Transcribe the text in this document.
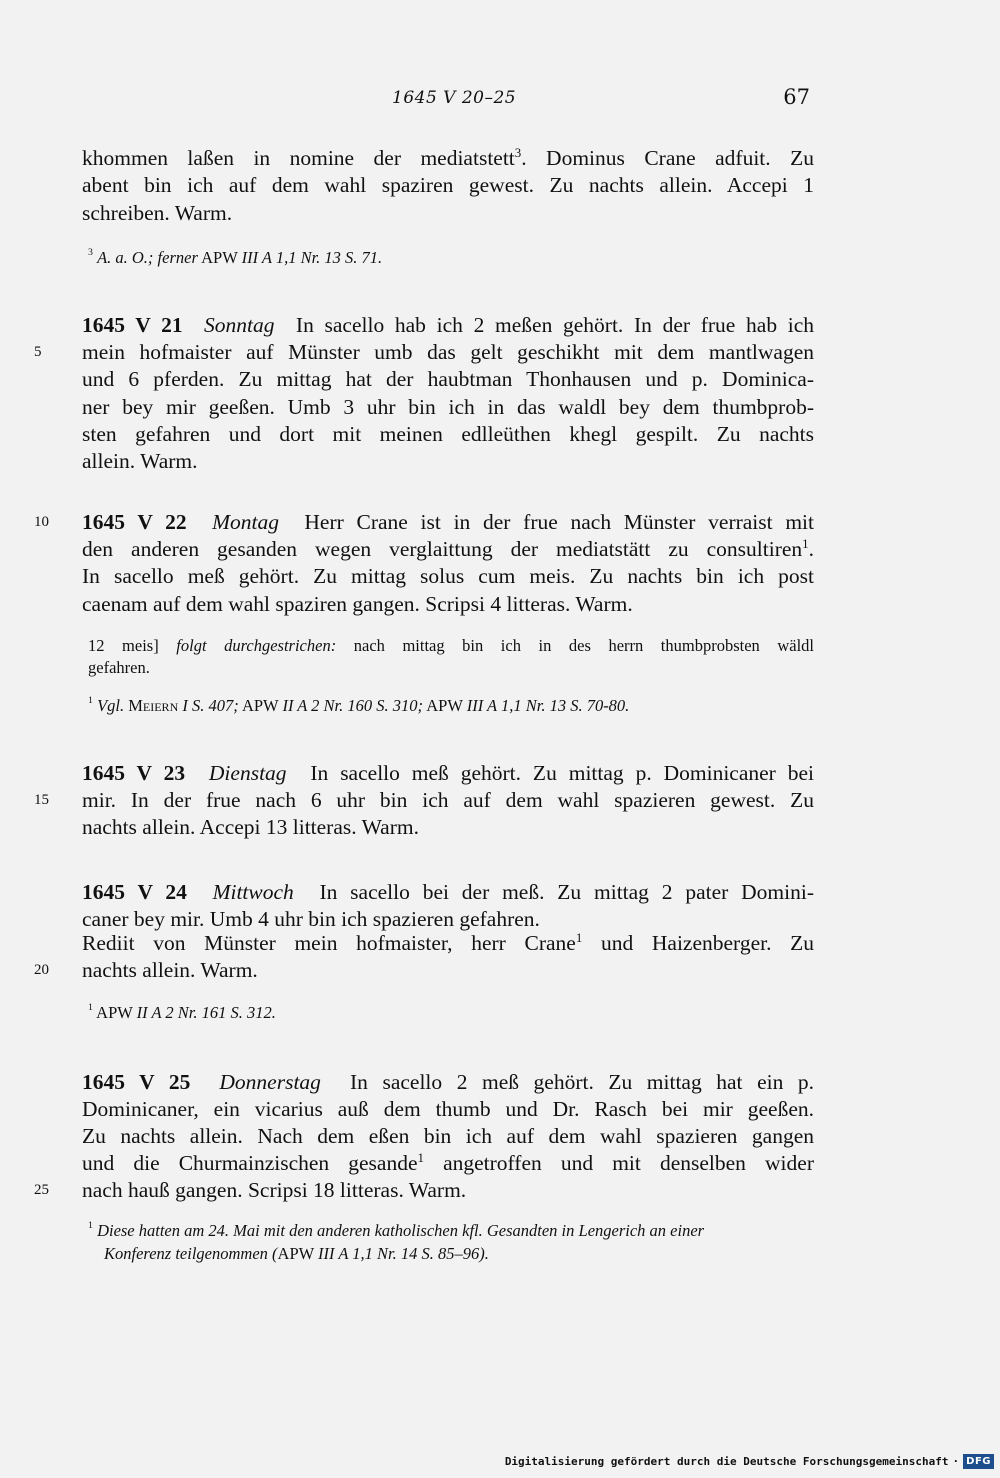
1645 V 20–25	67
khommen laßen in nomine der mediatstett$^3$. Dominus Crane adfuit. Zu
abent bin ich auf dem wahl spaziren gewest. Zu nachts allein. Accepi 1
schreiben. Warm.
$^3$ A. a. O.; ferner APW III A 1,1 Nr. 13 S. 71.
1645 V 21 Sonntag In sacello hab ich 2 meßen gehört. In der frue hab ich
5	mein hofmaister auf Münster umb das gelt geschikht mit dem mantlwagen
und 6 pferden. Zu mittag hat der haubtman Thonhausen und p. Dominica-
ner bey mir geeßen. Umb 3 uhr bin ich in das waldl bey dem thumbprob-
sten gefahren und dort mit meinen edlleüthen khegl gespilt. Zu nachts
allein. Warm.
10	1645 V 22 Montag Herr Crane ist in der frue nach Münster verraist mit
den anderen gesanden wegen verglaittung der mediatstätt zu consultiren$^1$.
In sacello meß gehört. Zu mittag solus cum meis. Zu nachts bin ich post
caenam auf dem wahl spaziren gangen. Scripsi 4 litteras. Warm.
12 meis] folgt durchgestrichen: nach mittag bin ich in des herrn thumbprobsten wäldl
gefahren.
$^1$ Vgl. Meiern I S. 407; APW II A 2 Nr. 160 S. 310; APW III A 1,1 Nr. 13 S. 70-80.
1645 V 23 Dienstag In sacello meß gehört. Zu mittag p. Dominicaner bei
15	mir. In der frue nach 6 uhr bin ich auf dem wahl spazieren gewest. Zu
nachts allein. Accepi 13 litteras. Warm.
1645 V 24 Mittwoch In sacello bei der meß. Zu mittag 2 pater Domini-
caner bey mir. Umb 4 uhr bin ich spazieren gefahren.
Rediit von Münster mein hofmaister, herr Crane$^1$ und Haizenberger. Zu
20	nachts allein. Warm.
$^1$ APW II A 2 Nr. 161 S. 312.
1645 V 25 Donnerstag In sacello 2 meß gehört. Zu mittag hat ein p.
Dominicaner, ein vicarius auß dem thumb und Dr. Rasch bei mir geeßen.
Zu nachts allein. Nach dem eßen bin ich auf dem wahl spazieren gangen
und die Churmainzischen gesande$^1$ angetroffen und mit denselben wider
25	nach hauß gangen. Scripsi 18 litteras. Warm.
$^1$ Diese hatten am 24. Mai mit den anderen katholischen kfl. Gesandten in Lengerich an einer
Konferenz teilgenommen (APW III A 1,1 Nr. 14 S. 85–96).
Digitalisierung gefördert durch die Deutsche Forschungsgemeinschaft · DFG
